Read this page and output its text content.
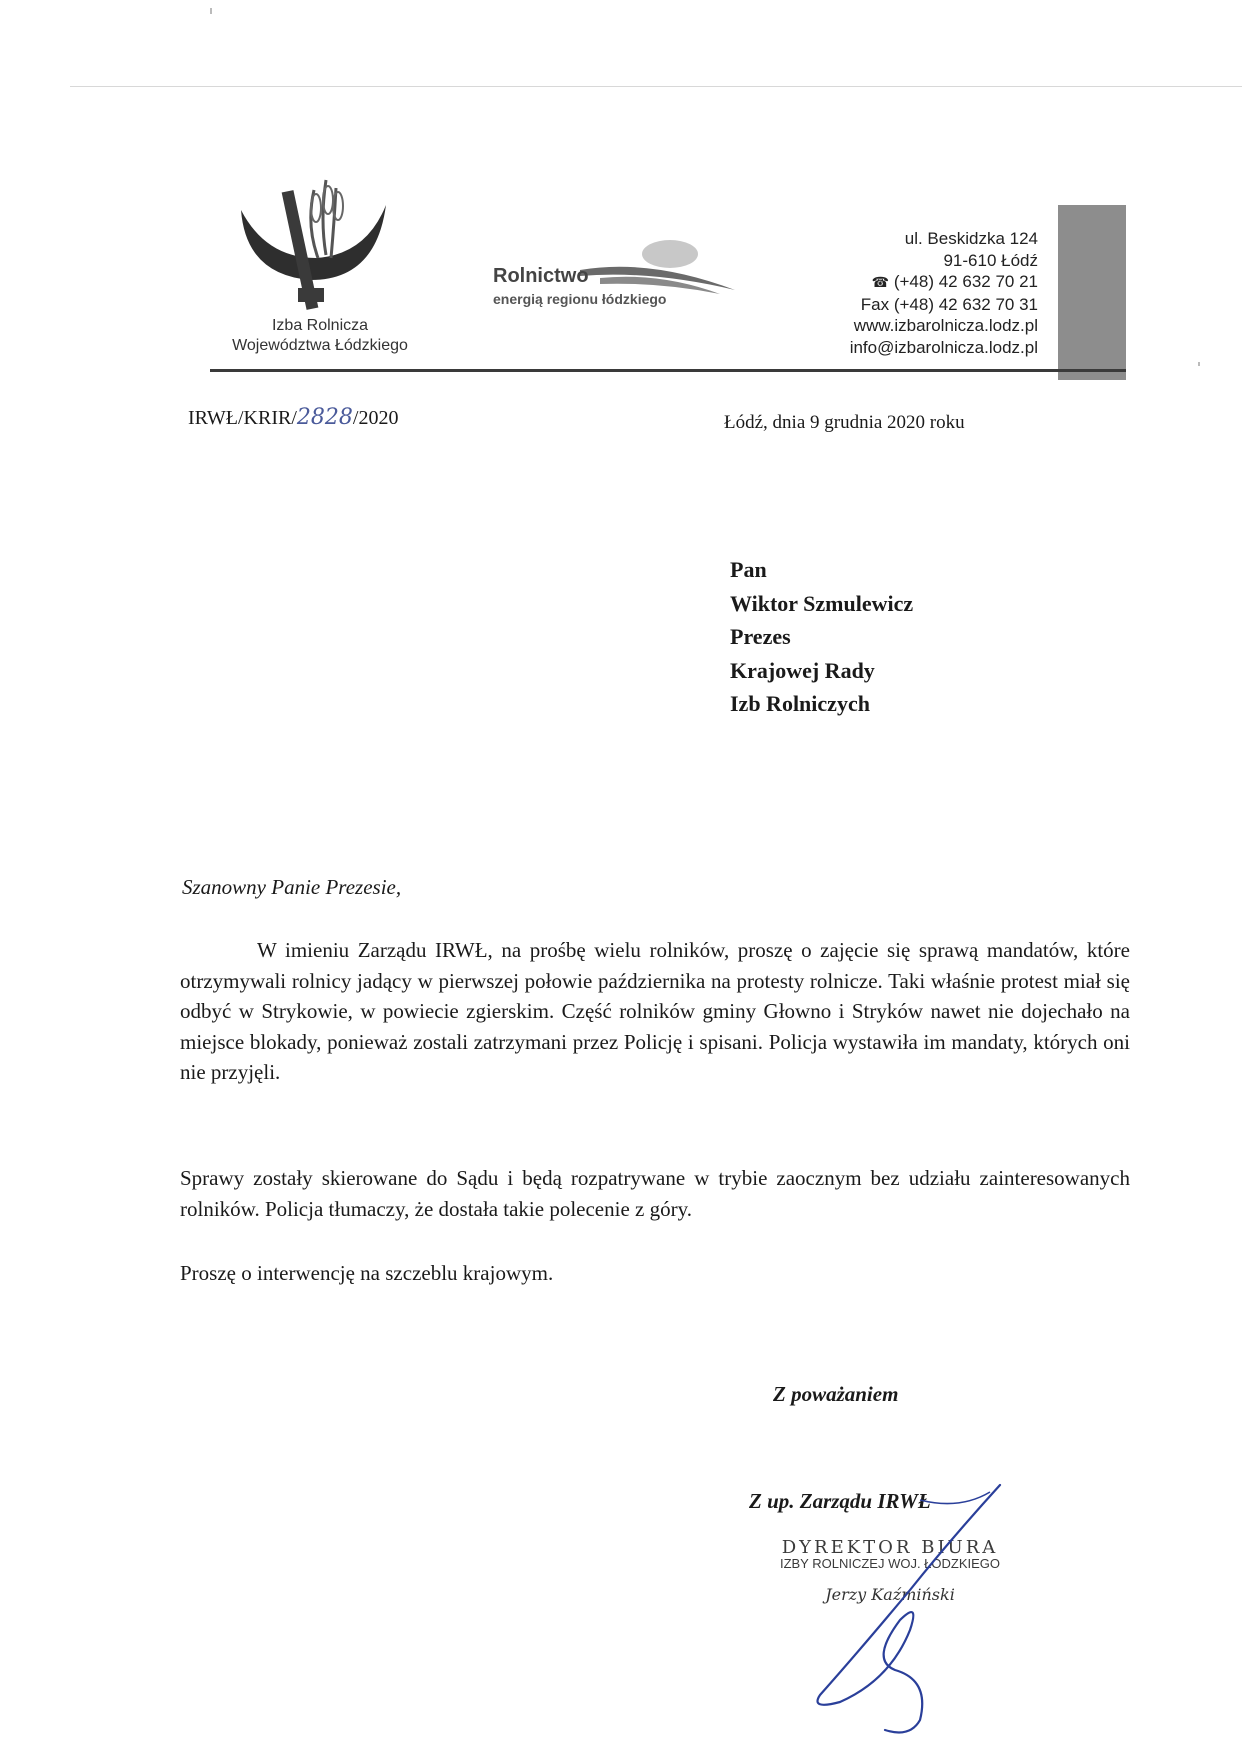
Izba Rolnicza
Województwa Łódzkiego
Rolnictwo
energią regionu łódzkiego
ul. Beskidzka 124
91-610 Łódź
☎ (+48) 42 632 70 21
Fax (+48) 42 632 70 31
www.izbarolnicza.lodz.pl
info@izbarolnicza.lodz.pl
IRWŁ/KRIR/2828/2020	Łódź, dnia 9 grudnia 2020 roku
Pan
Wiktor Szmulewicz
Prezes
Krajowej Rady
Izb Rolniczych
Szanowny Panie Prezesie,
W imieniu Zarządu IRWŁ, na prośbę wielu rolników, proszę o zajęcie się sprawą mandatów, które otrzymywali rolnicy jadący w pierwszej połowie października na protesty rolnicze. Taki właśnie protest miał się odbyć w Strykowie, w powiecie zgierskim. Część rolników gminy Głowno i Stryków nawet nie dojechało na miejsce blokady, ponieważ zostali zatrzymani przez Policję i spisani. Policja wystawiła im mandaty, których oni nie przyjęli.
Sprawy zostały skierowane do Sądu i będą rozpatrywane w trybie zaocznym bez udziału zainteresowanych rolników. Policja tłumaczy, że dostała takie polecenie z góry.
Proszę o interwencję na szczeblu krajowym.
Z poważaniem
Z up. Zarządu IRWŁ
DYREKTOR BIURA
IZBY ROLNICZEJ WOJ. ŁÓDZKIEGO
Jerzy Kaźmiński
